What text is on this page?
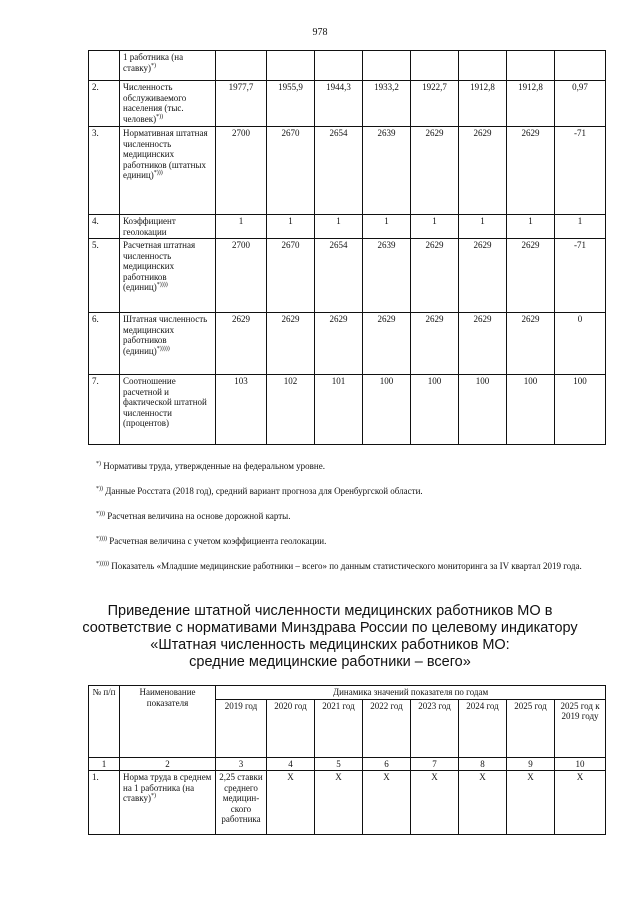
978
	1 работника (на ставку)*)								
2.	Численность обслуживаемого населения (тыс. человек)*))	1977,7	1955,9	1944,3	1933,2	1922,7	1912,8	1912,8	0,97
3.	Нормативная штатная численность медицинских работников (штатных единиц)*)))	2700	2670	2654	2639	2629	2629	2629	-71
4.	Коэффициент геолокации	1	1	1	1	1	1	1	1
5.	Расчетная штатная численность медицинских работников (единиц)*))))	2700	2670	2654	2639	2629	2629	2629	-71
6.	Штатная численность медицинских работников (единиц)*)))))	2629	2629	2629	2629	2629	2629	2629	0
7.	Соотношение расчетной и фактической штатной численности (процентов)	103	102	101	100	100	100	100	100
*) Нормативы труда, утвержденные на федеральном уровне.
*)) Данные Росстата (2018 год), средний вариант прогноза для Оренбургской области.
*))) Расчетная величина на основе дорожной карты.
*)))) Расчетная величина с учетом коэффициента геолокации.
*))))) Показатель «Младшие медицинские работники – всего» по данным статистического мониторинга за IV квартал 2019 года.
Приведение штатной численности медицинских работников МО в
соответствие с нормативами Минздрава России по целевому индикатору
«Штатная численность медицинских работников МО:
средние медицинские работники – всего»
№ п/п	Наименование показателя	Динамика значений показателя по годам							
		2019 год	2020 год	2021 год	2022 год	2023 год	2024 год	2025 год	2025 год к 2019 году
1	2	3	4	5	6	7	8	9	10
1.	Норма труда в среднем на 1 работника (на ставку)*)	2,25 ставки среднего медицин-ского работника	X	X	X	X	X	X	X
